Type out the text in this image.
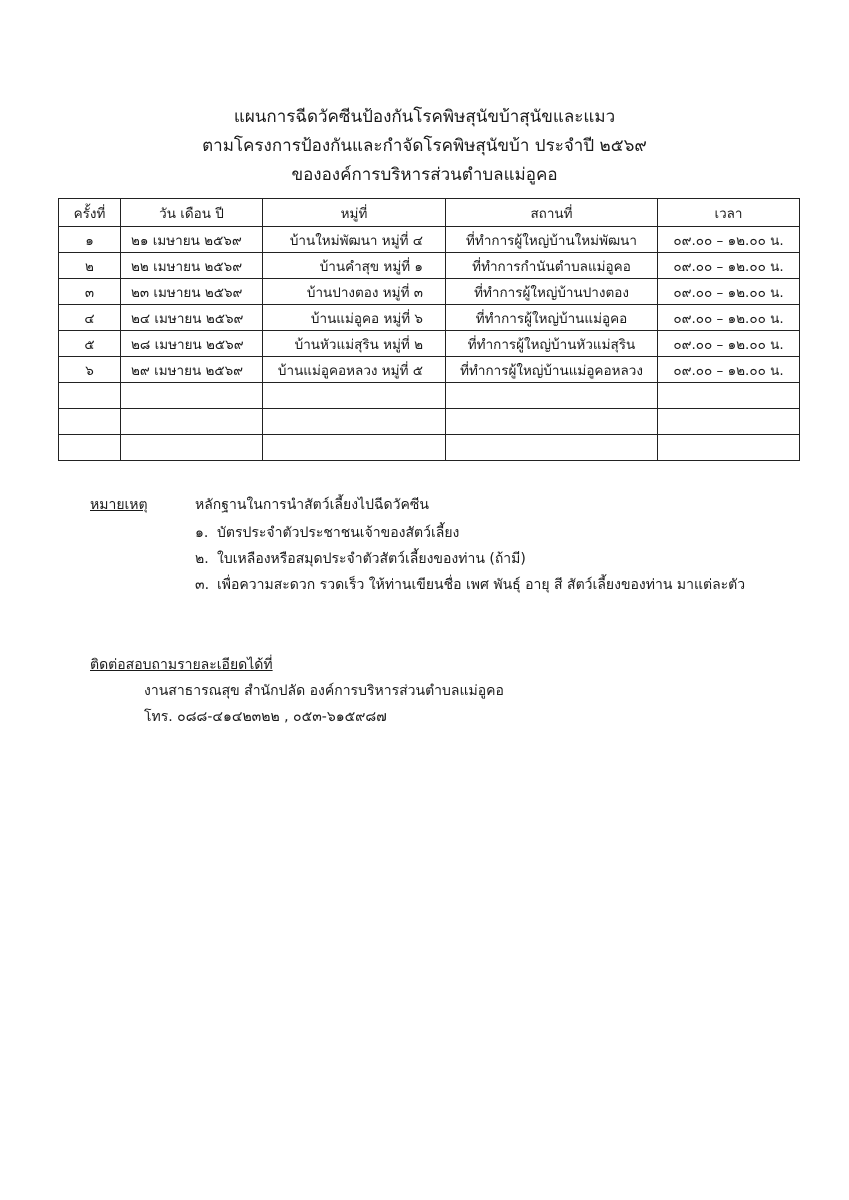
แผนการฉีดวัคซีนป้องกันโรคพิษสุนัขบ้าสุนัขและแมว
ตามโครงการป้องกันและกำจัดโรคพิษสุนัขบ้า ประจำปี ๒๕๖๙
ขององค์การบริหารส่วนตำบลแม่อูคอ
ครั้งที่	วัน เดือน ปี	หมู่ที่	สถานที่	เวลา
๑	๒๑ เมษายน ๒๕๖๙	บ้านใหม่พัฒนา หมู่ที่ ๔	ที่ทำการผู้ใหญ่บ้านใหม่พัฒนา	๐๙.๐๐ – ๑๒.๐๐ น.
๒	๒๒ เมษายน ๒๕๖๙	บ้านคำสุข หมู่ที่ ๑	ที่ทำการกำนันตำบลแม่อูคอ	๐๙.๐๐ – ๑๒.๐๐ น.
๓	๒๓ เมษายน ๒๕๖๙	บ้านปางตอง หมู่ที่ ๓	ที่ทำการผู้ใหญ่บ้านปางตอง	๐๙.๐๐ – ๑๒.๐๐ น.
๔	๒๔ เมษายน ๒๕๖๙	บ้านแม่อูคอ หมู่ที่ ๖	ที่ทำการผู้ใหญ่บ้านแม่อูคอ	๐๙.๐๐ – ๑๒.๐๐ น.
๕	๒๘ เมษายน ๒๕๖๙	บ้านหัวแม่สุริน หมู่ที่ ๒	ที่ทำการผู้ใหญ่บ้านหัวแม่สุริน	๐๙.๐๐ – ๑๒.๐๐ น.
๖	๒๙ เมษายน ๒๕๖๙	บ้านแม่อูคอหลวง หมู่ที่ ๕	ที่ทำการผู้ใหญ่บ้านแม่อูคอหลวง	๐๙.๐๐ – ๑๒.๐๐ น.

หมายเหตุ	หลักฐานในการนำสัตว์เลี้ยงไปฉีดวัคซีน
๑. บัตรประจำตัวประชาชนเจ้าของสัตว์เลี้ยง
๒. ใบเหลืองหรือสมุดประจำตัวสัตว์เลี้ยงของท่าน (ถ้ามี)
๓. เพื่อความสะดวก รวดเร็ว ให้ท่านเขียนชื่อ เพศ พันธุ์ อายุ สี สัตว์เลี้ยงของท่าน มาแต่ละตัว
ติดต่อสอบถามรายละเอียดได้ที่
งานสาธารณสุข สำนักปลัด องค์การบริหารส่วนตำบลแม่อูคอ
โทร. ๐๘๘-๔๑๔๒๓๒๒ , ๐๕๓-๖๑๕๙๘๗
